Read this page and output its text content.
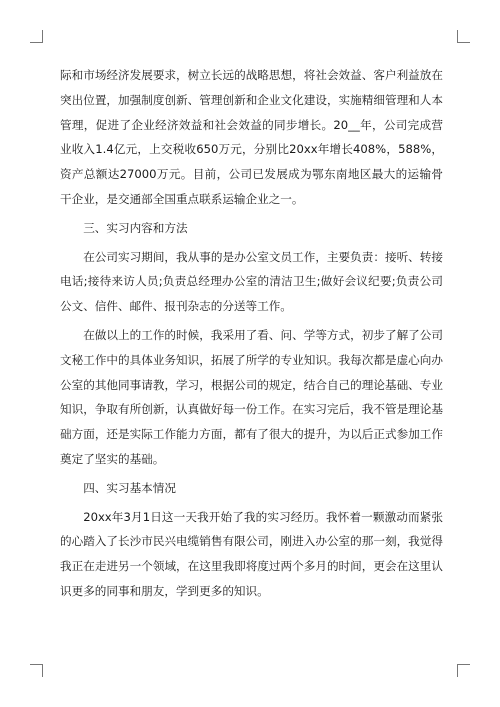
际和市场经济发展要求，树立长远的战略思想，将社会效益、客户利益放在突出位置，加强制度创新、管理创新和企业文化建设，实施精细管理和人本管理，促进了企业经济效益和社会效益的同步增长。20__年，公司完成营业收入1.4亿元，上交税收650万元，分别比20xx年增长408%，588%，资产总额达27000万元。目前，公司已发展成为鄂东南地区最大的运输骨干企业，是交通部全国重点联系运输企业之一。

三、实习内容和方法

在公司实习期间，我从事的是办公室文员工作，主要负责：接听、转接电话;接待来访人员;负责总经理办公室的清洁卫生;做好会议纪要;负责公司公文、信件、邮件、报刊杂志的分送等工作。

在做以上的工作的时候，我采用了看、问、学等方式，初步了解了公司文秘工作中的具体业务知识，拓展了所学的专业知识。我每次都是虚心向办公室的其他同事请教，学习，根据公司的规定，结合自己的理论基础、专业知识，争取有所创新，认真做好每一份工作。在实习完后，我不管是理论基础方面，还是实际工作能力方面，都有了很大的提升，为以后正式参加工作奠定了坚实的基础。

四、实习基本情况

20xx年3月1日这一天我开始了我的实习经历。我怀着一颗激动而紧张的心踏入了长沙市民兴电缆销售有限公司，刚进入办公室的那一刻，我觉得我正在走进另一个领域，在这里我即将度过两个多月的时间，更会在这里认识更多的同事和朋友，学到更多的知识。
